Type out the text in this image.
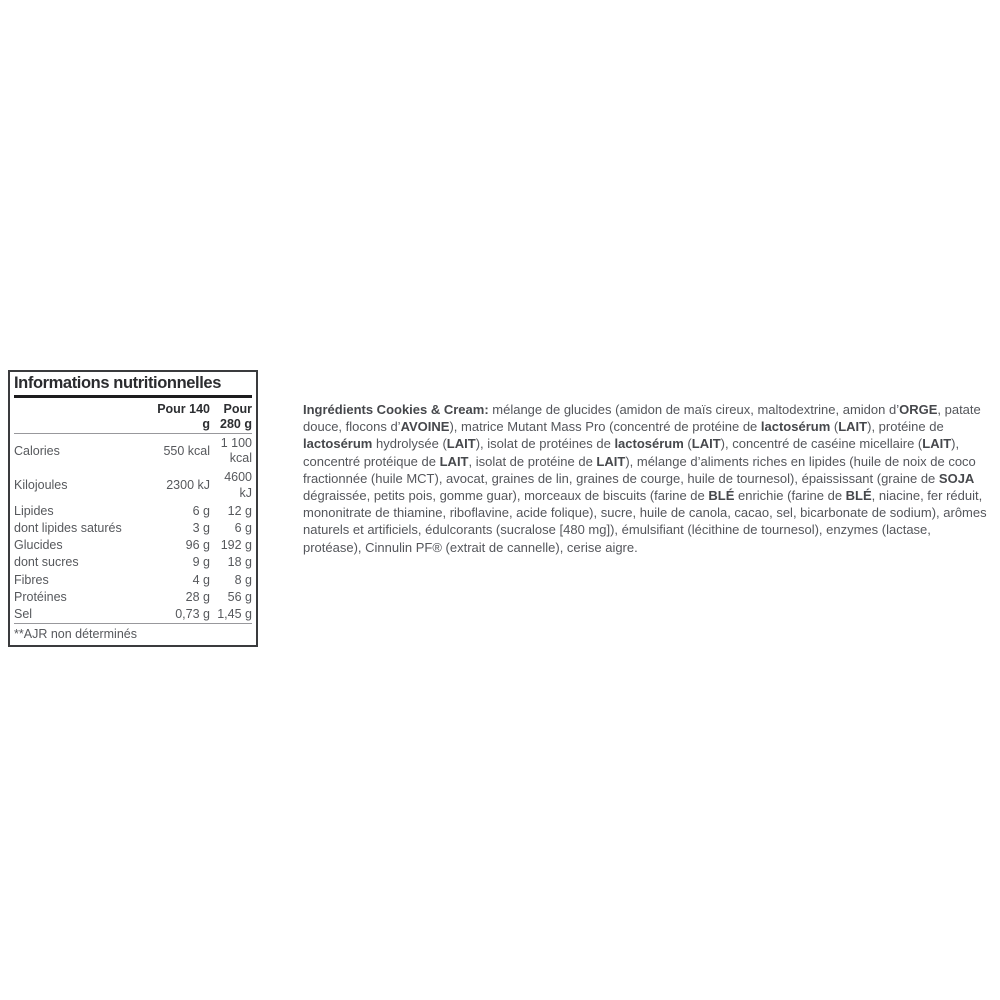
Informations nutritionnelles
	Pour 140 g	Pour 280 g
Calories	550 kcal	1 100 kcal
Kilojoules	2300 kJ	4600 kJ
Lipides	6 g	12 g
dont lipides saturés	3 g	6 g
Glucides	96 g	192 g
dont sucres	9 g	18 g
Fibres	4 g	8 g
Protéines	28 g	56 g
Sel	0,73 g	1,45 g
**AJR non déterminés

Ingrédients Cookies & Cream: mélange de glucides (amidon de maïs cireux, maltodextrine, amidon d’ORGE, patate douce, flocons d’AVOINE), matrice Mutant Mass Pro (concentré de protéine de lactosérum (LAIT), protéine de lactosérum hydrolysée (LAIT), isolat de protéines de lactosérum (LAIT), concentré de caséine micellaire (LAIT), concentré protéique de LAIT, isolat de protéine de LAIT), mélange d’aliments riches en lipides (huile de noix de coco fractionnée (huile MCT), avocat, graines de lin, graines de courge, huile de tournesol), épaississant (graine de SOJA dégraissée, petits pois, gomme guar), morceaux de biscuits (farine de BLÉ enrichie (farine de BLÉ, niacine, fer réduit, mononitrate de thiamine, riboflavine, acide folique), sucre, huile de canola, cacao, sel, bicarbonate de sodium), arômes naturels et artificiels, édulcorants (sucralose [480 mg]), émulsifiant (lécithine de tournesol), enzymes (lactase, protéase), Cinnulin PF® (extrait de cannelle), cerise aigre.
